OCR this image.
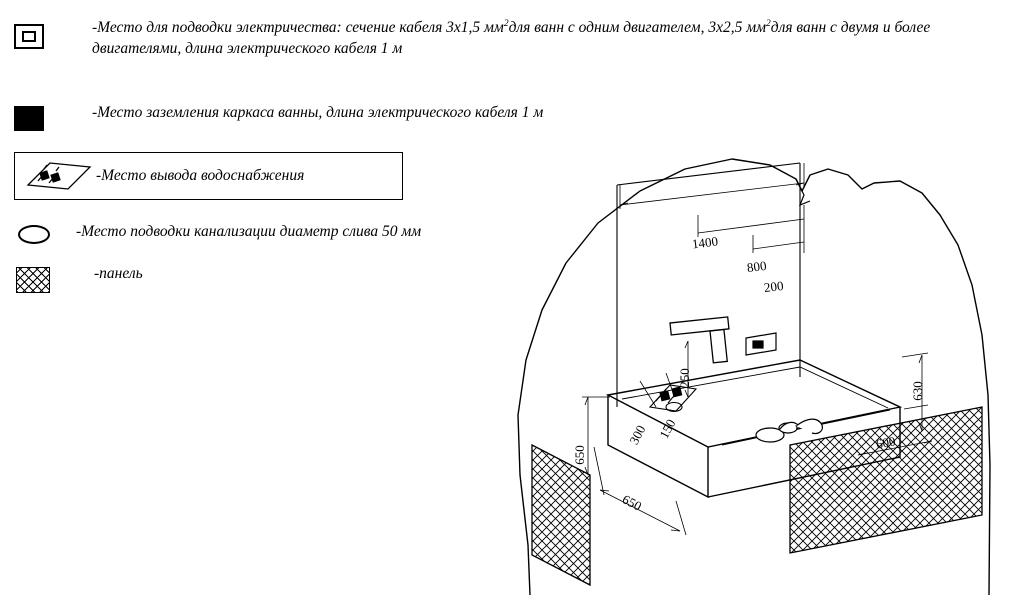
-Место для подводки электричества: сечение кабеля 3х1,5 $мм^2для$ ванн с одним двигателем, 3х2,5 $мм^2для$ ванн с двумя и более двигателями, длина электрического кабеля 1 м
-Место заземления каркаса ванны, длина электрического кабеля 1 м
-Место вывода водоснабжения
-Место подводки канализации диаметр слива 50 мм
-панель
1400
800
200
250
300 150
650
650
630
600
